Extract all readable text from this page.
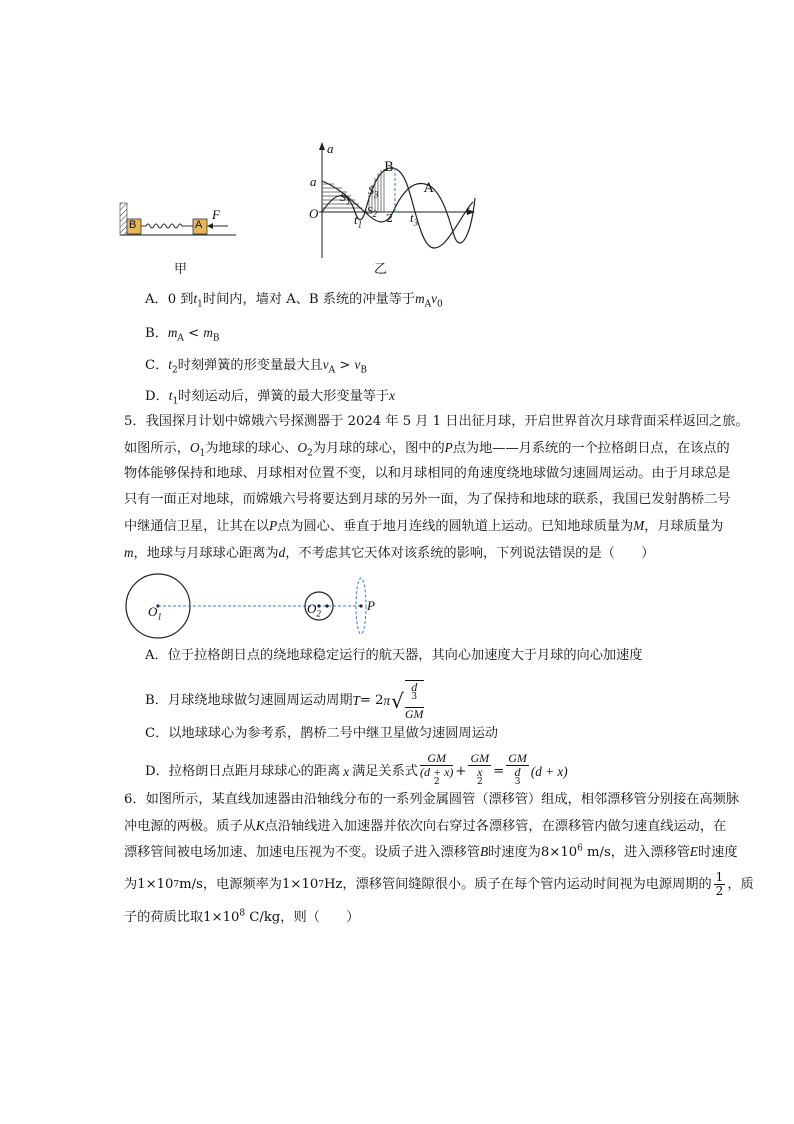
B	A
F
甲
a
t
O
a
$S_1$
$S_3$
$S_2$
B
A
$t_1$ 2 $t_3$
乙
A．0 到$t_1$时间内，墙对 A、B 系统的冲量等于$m_Av_0$
B．$m_A < m_B$
C．$t_2$时刻弹簧的形变量最大且$v_A > v_B$
D．$t_1$时刻运动后，弹簧的最大形变量等于x
5．我国探月计划中嫦娥六号探测器于 2024 年 5 月 1 日出征月球，开启世界首次月球背面采样返回之旅。
如图所示，$O_1$为地球的球心、$O_2$为月球的球心，图中的P点为地——月系统的一个拉格朗日点，在该点的
物体能够保持和地球、月球相对位置不变，以和月球相同的角速度绕地球做匀速圆周运动。由于月球总是
只有一面正对地球，而嫦娥六号将要达到月球的另外一面，为了保持和地球的联系，我国已发射鹊桥二号
中继通信卫星，让其在以P点为圆心、垂直于地月连线的圆轨道上运动。已知地球质量为M，月球质量为
m，地球与月球球心距离为d，不考虑其它天体对该系统的影响，下列说法错误的是（　　）
$O_1$
$O_2$
P
A．位于拉格朗日点的绕地球稳定运行的航天器，其向心加速度大于月球的向心加速度
B．月球绕地球做匀速圆周运动周期 T = 2 π √ d
$^3$
GM
C．以地球球心为参考系，鹊桥二号中继卫星做匀速圆周运动
D．拉格朗日点距月球球心的距离 x 满足关系式 GM
(d + x)
$^2$ + GM
x
$^2$ = GM
d
$^3$ (d + x)
6．如图所示，某直线加速器由沿轴线分布的一系列金属圆管（漂移管）组成，相邻漂移管分别接在高频脉
冲电源的两极。质子从K点沿轴线进入加速器并依次向右穿过各漂移管，在漂移管内做匀速直线运动，在
漂移管间被电场加速、加速电压视为不变。设质子进入漂移管B时速度为$8\times 10^6$ m/s，进入漂移管E时速度
为 1×10 7 m/s ，电源频率为 1×10 7 Hz ，漂移管间缝隙很小。质子在每个管内运动时间视为电源周期的 $\frac{1}{2}$ ，质
子的荷质比取$1\times 10^8$ C/kg，则（　　）
